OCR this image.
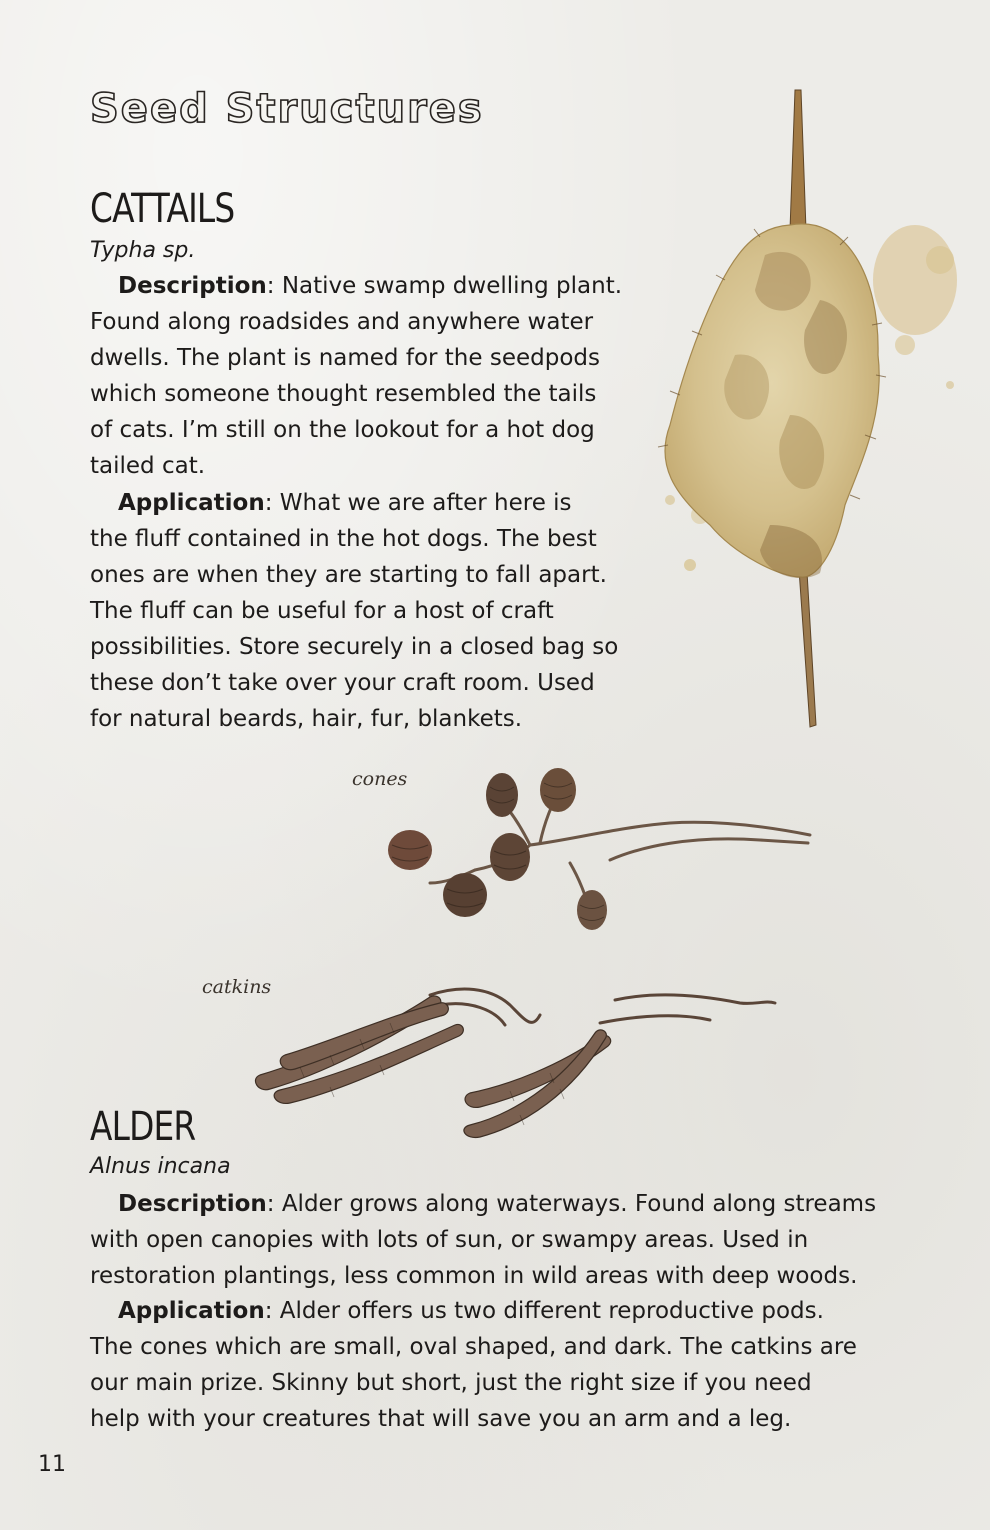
Seed Structures
CATTAILS
Typha sp.
Description: Native swamp dwelling plant.
Found along roadsides and anywhere water
dwells. The plant is named for the seedpods
which someone thought resembled the tails
of cats. I’m still on the lookout for a hot dog
tailed cat.
Application: What we are after here is
the fluff contained in the hot dogs. The best
ones are when they are starting to fall apart.
The fluff can be useful for a host of craft
possibilities. Store securely in a closed bag so
these don’t take over your craft room. Used
for natural beards, hair, fur, blankets.
cones
catkins
ALDER
Alnus incana
Description: Alder grows along waterways. Found along streams
with open canopies with lots of sun, or swampy areas. Used in
restoration plantings, less common in wild areas with deep woods.
Application: Alder offers us two different reproductive pods.
The cones which are small, oval shaped, and dark. The catkins are
our main prize. Skinny but short, just the right size if you need
help with your creatures that will save you an arm and a leg.
11
